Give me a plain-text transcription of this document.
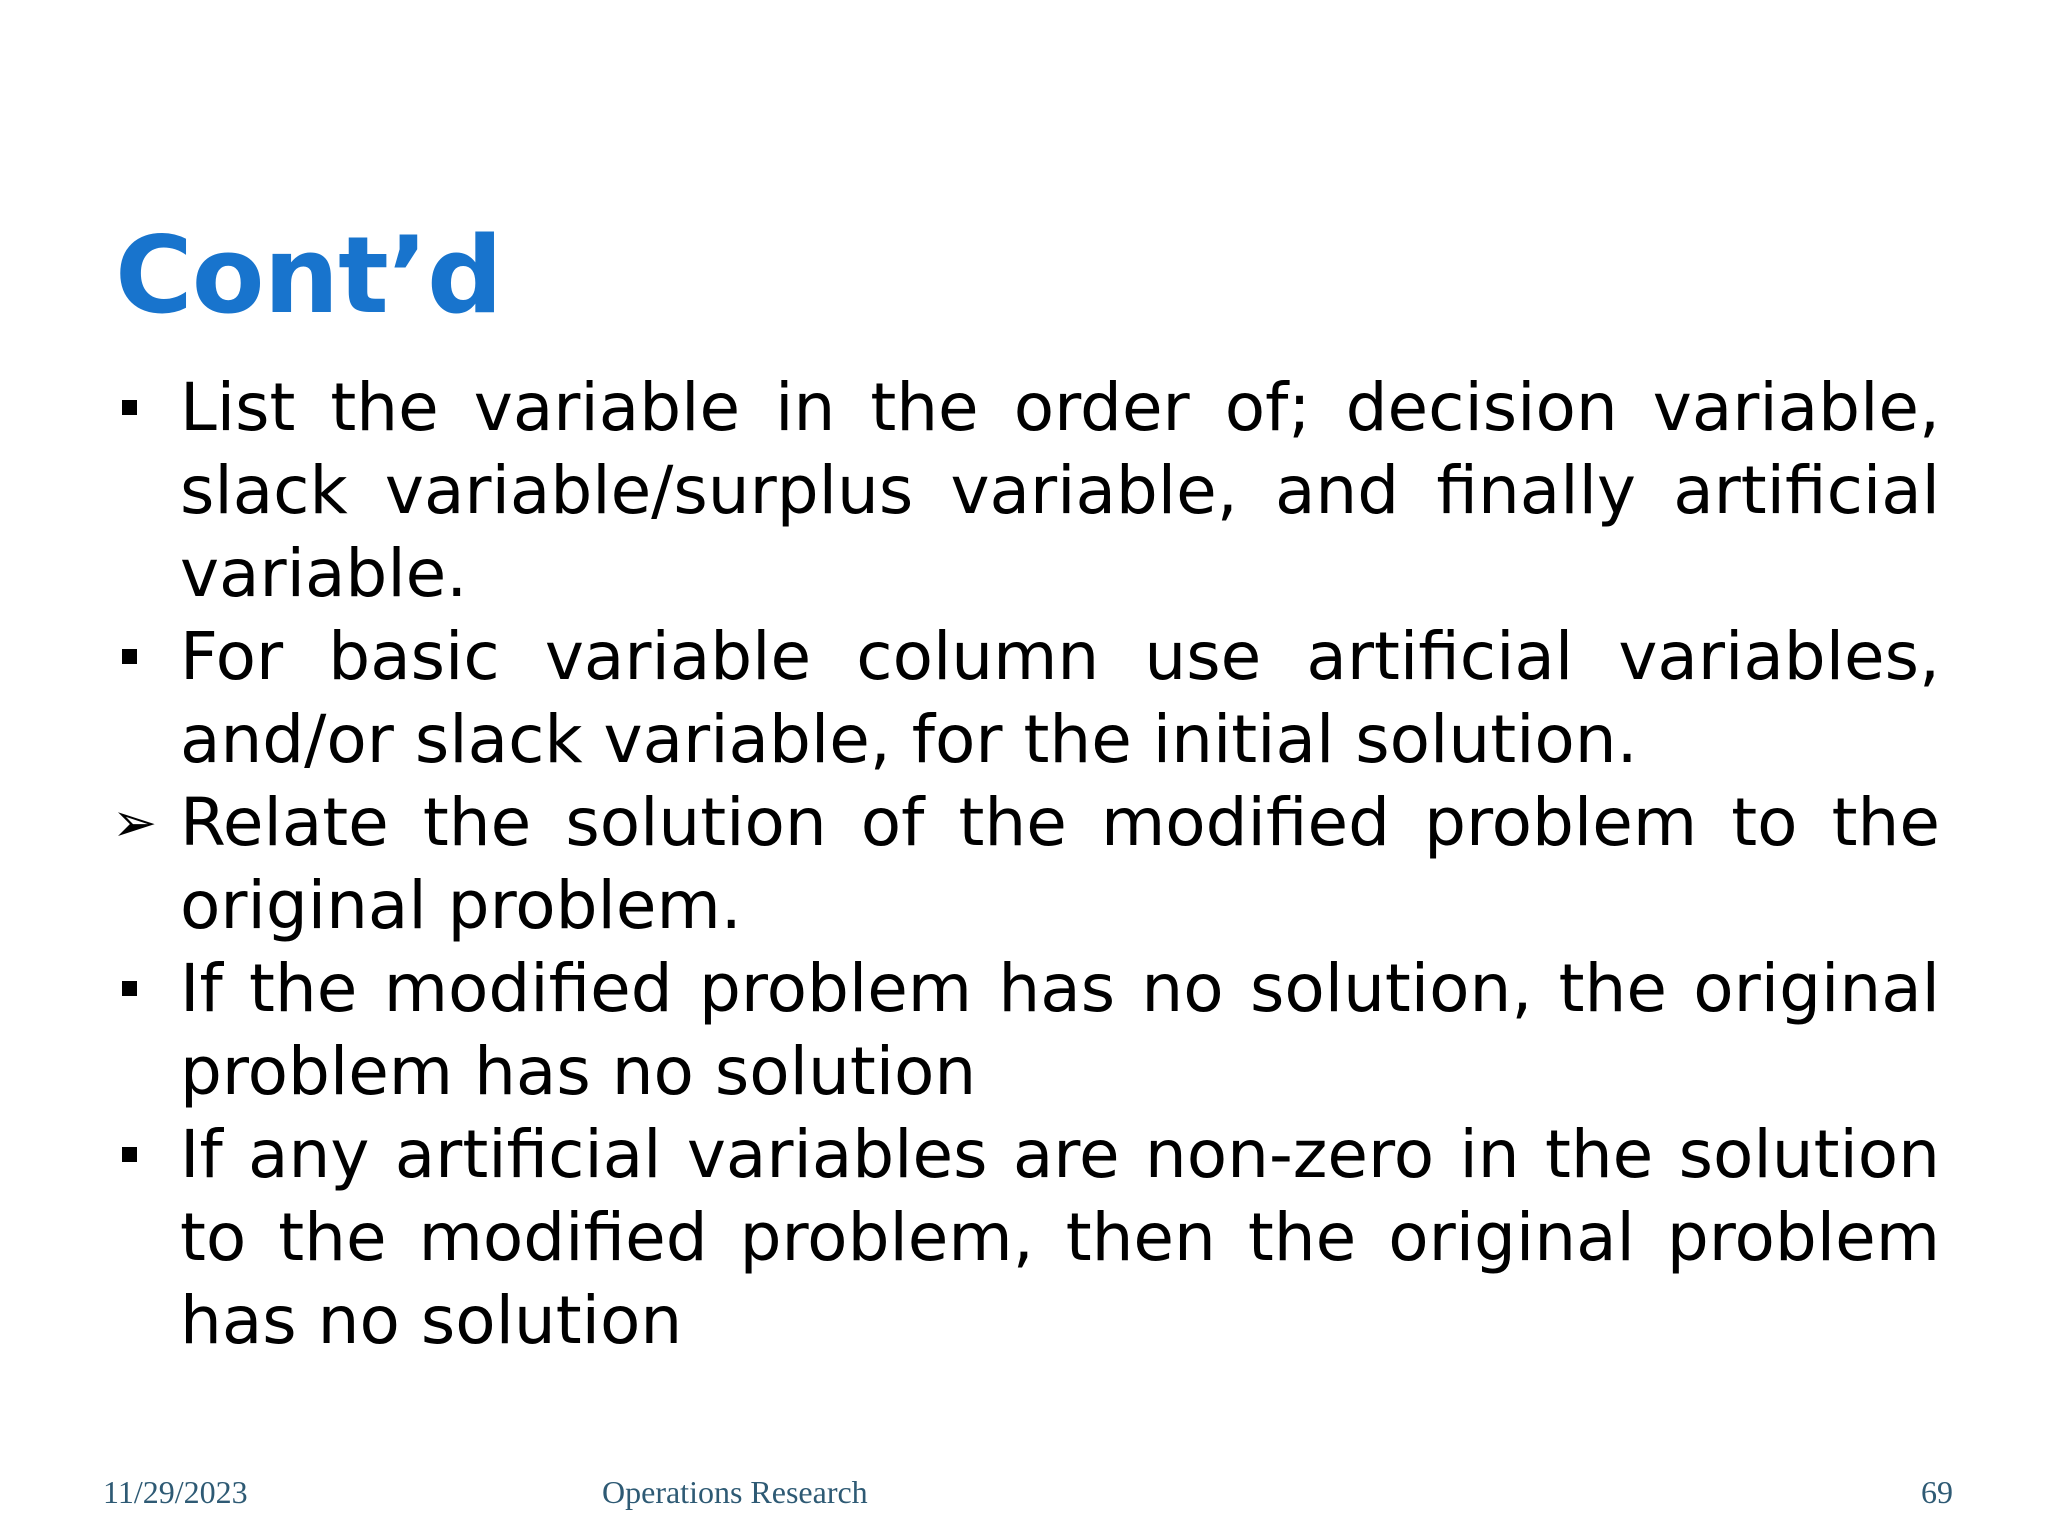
Cont’d
List the variable in the order of; decision variable, slack variable/surplus variable, and finally artificial variable.
For basic variable column use artificial variables, and/or slack variable, for the initial solution.
➢ Relate the solution of the modified problem to the original problem.
If the modified problem has no solution, the original problem has no solution
If any artificial variables are non-zero in the solution to the modified problem, then the original problem has no solution
11/29/2023	Operations Research	69
